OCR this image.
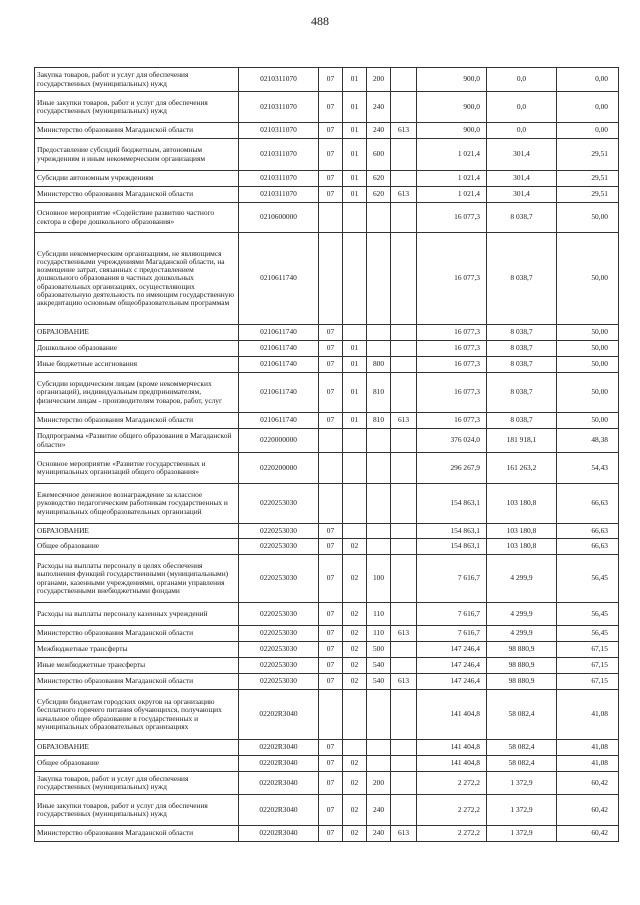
488
Закупка товаров, работ и услуг для обеспечения государственных (муниципальных) нужд	0210311070	07	01	200		900,0	0,0	0,00
Иные закупки товаров, работ и услуг для обеспечения государственных (муниципальных) нужд	0210311070	07	01	240		900,0	0,0	0,00
Министерство образования Магаданской области	0210311070	07	01	240	613	900,0	0,0	0,00
Предоставление субсидий бюджетным, автономным учреждениям и иным некоммерческим организациям	0210311070	07	01	600		1 021,4	301,4	29,51
Субсидии автономным учреждениям	0210311070	07	01	620		1 021,4	301,4	29,51
Министерство образования Магаданской области	0210311070	07	01	620	613	1 021,4	301,4	29,51
Основное мероприятие «Содействие развитию частного сектора в сфере дошкольного образования»	0210600000					16 077,3	8 038,7	50,00
Субсидии некоммерческим организациям, не являющимся государственными учреждениями Магаданской области, на возмещение затрат, связанных с предоставлением дошкольного образования в частных дошкольных образовательных организациях, осуществляющих образовательную деятельность по имеющим государственную аккредитацию основным общеобразовательным программам	0210611740					16 077,3	8 038,7	50,00
ОБРАЗОВАНИЕ	0210611740	07				16 077,3	8 038,7	50,00
Дошкольное образование	0210611740	07	01			16 077,3	8 038,7	50,00
Иные бюджетные ассигнования	0210611740	07	01	800		16 077,3	8 038,7	50,00
Субсидии юридическим лицам (кроме некоммерческих организаций), индивидуальным предпринимателям, физическим лицам - производителям товаров, работ, услуг	0210611740	07	01	810		16 077,3	8 038,7	50,00
Министерство образования Магаданской области	0210611740	07	01	810	613	16 077,3	8 038,7	50,00
Подпрограмма «Развитие общего образования в Магаданской области»	0220000000					376 024,0	181 918,1	48,38
Основное мероприятие «Развитие государственных и муниципальных организаций общего образования»	0220200000					296 267,9	161 263,2	54,43
Ежемесячное денежное вознаграждение за классное руководство педагогическим работникам государственных и муниципальных общеобразовательных организаций	0220253030					154 863,1	103 180,8	66,63
ОБРАЗОВАНИЕ	0220253030	07				154 863,1	103 180,8	66,63
Общее образование	0220253030	07	02			154 863,1	103 180,8	66,63
Расходы на выплаты персоналу в целях обеспечения выполнения функций государственными (муниципальными) органами, казенными учреждениями, органами управления государственными внебюджетными фондами	0220253030	07	02	100		7 616,7	4 299,9	56,45
Расходы на выплаты персоналу казенных учреждений	0220253030	07	02	110		7 616,7	4 299,9	56,45
Министерство образования Магаданской области	0220253030	07	02	110	613	7 616,7	4 299,9	56,45
Межбюджетные трансферты	0220253030	07	02	500		147 246,4	98 880,9	67,15
Иные межбюджетные трансферты	0220253030	07	02	540		147 246,4	98 880,9	67,15
Министерство образования Магаданской области	0220253030	07	02	540	613	147 246,4	98 880,9	67,15
Субсидии бюджетам городских округов на организацию бесплатного горячего питания обучающихся, получающих начальное общее образование в государственных и муниципальных образовательных организациях	02202R3040					141 404,8	58 082,4	41,08
ОБРАЗОВАНИЕ	02202R3040	07				141 404,8	58 082,4	41,08
Общее образование	02202R3040	07	02			141 404,8	58 082,4	41,08
Закупка товаров, работ и услуг для обеспечения государственных (муниципальных) нужд	02202R3040	07	02	200		2 272,2	1 372,9	60,42
Иные закупки товаров, работ и услуг для обеспечения государственных (муниципальных) нужд	02202R3040	07	02	240		2 272,2	1 372,9	60,42
Министерство образования Магаданской области	02202R3040	07	02	240	613	2 272,2	1 372,9	60,42
